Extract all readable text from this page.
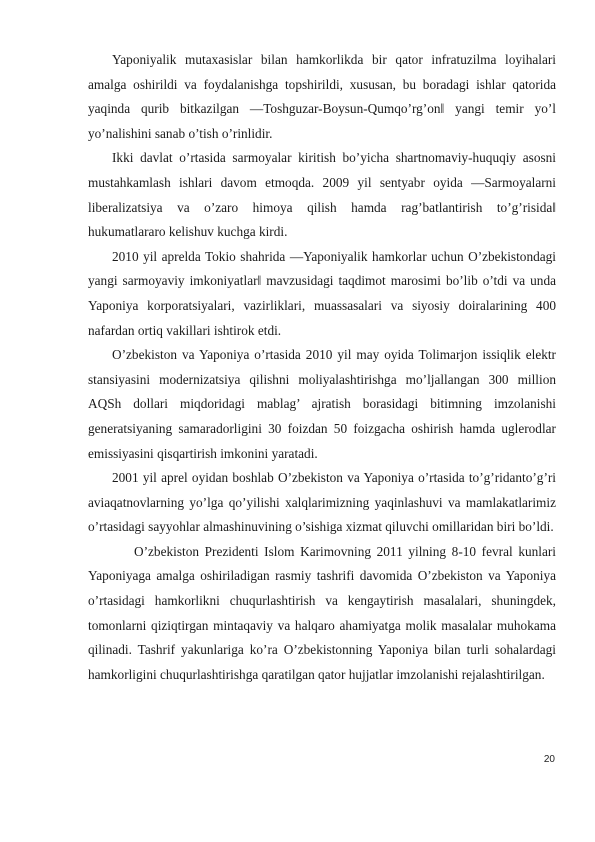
Yaponiyalik mutaxasislar bilan hamkorlikda bir qator infratuzilma loyihalari amalga oshirildi va foydalanishga topshirildi, xususan, bu boradagi ishlar qatorida yaqinda qurib bitkazilgan ―Toshguzar-Boysun-Qumqo’rg’on‖ yangi temir yo’l yo’nalishini sanab o’tish o’rinlidir.

Ikki davlat o’rtasida sarmoyalar kiritish bo’yicha shartnomaviy-huquqiy asosni mustahkamlash ishlari davom etmoqda. 2009 yil sentyabr oyida ―Sarmoyalarni liberalizatsiya va o’zaro himoya qilish hamda rag’batlantirish to’g’risida‖ hukumatlararo kelishuv kuchga kirdi.

2010 yil aprelda Tokio shahrida ―Yaponiyalik hamkorlar uchun O’zbekistondagi yangi sarmoyaviy imkoniyatlar‖ mavzusidagi taqdimot marosimi bo’lib o’tdi va unda Yaponiya korporatsiyalari, vazirliklari, muassasalari va siyosiy doiralarining 400 nafardan ortiq vakillari ishtirok etdi.

O’zbekiston va Yaponiya o’rtasida 2010 yil may oyida Tolimarjon issiqlik elektr stansiyasini modernizatsiya qilishni moliyalashtirishga mo’ljallangan 300 million AQSh dollari miqdoridagi mablag’ ajratish borasidagi bitimning imzolanishi generatsiyaning samaradorligini 30 foizdan 50 foizgacha oshirish hamda uglerodlar emissiyasini qisqartirish imkonini yaratadi.

2001 yil aprel oyidan boshlab O’zbekiston va Yaponiya o’rtasida to’g’ridanto’g’ri aviaqatnovlarning yo’lga qo’yilishi xalqlarimizning yaqinlashuvi va mamlakatlarimiz o’rtasidagi sayyohlar almashinuvining o’sishiga xizmat qiluvchi omillaridan biri bo’ldi.

O’zbekiston Prezidenti Islom Karimovning 2011 yilning 8-10 fevral kunlari Yaponiyaga amalga oshiriladigan rasmiy tashrifi davomida O’zbekiston va Yaponiya o’rtasidagi hamkorlikni chuqurlashtirish va kengaytirish masalalari, shuningdek, tomonlarni qiziqtirgan mintaqaviy va halqaro ahamiyatga molik masalalar muhokama qilinadi. Tashrif yakunlariga ko’ra O’zbekistonning Yaponiya bilan turli sohalardagi hamkorligini chuqurlashtirishga qaratilgan qator hujjatlar imzolanishi rejalashtirilgan.

20
